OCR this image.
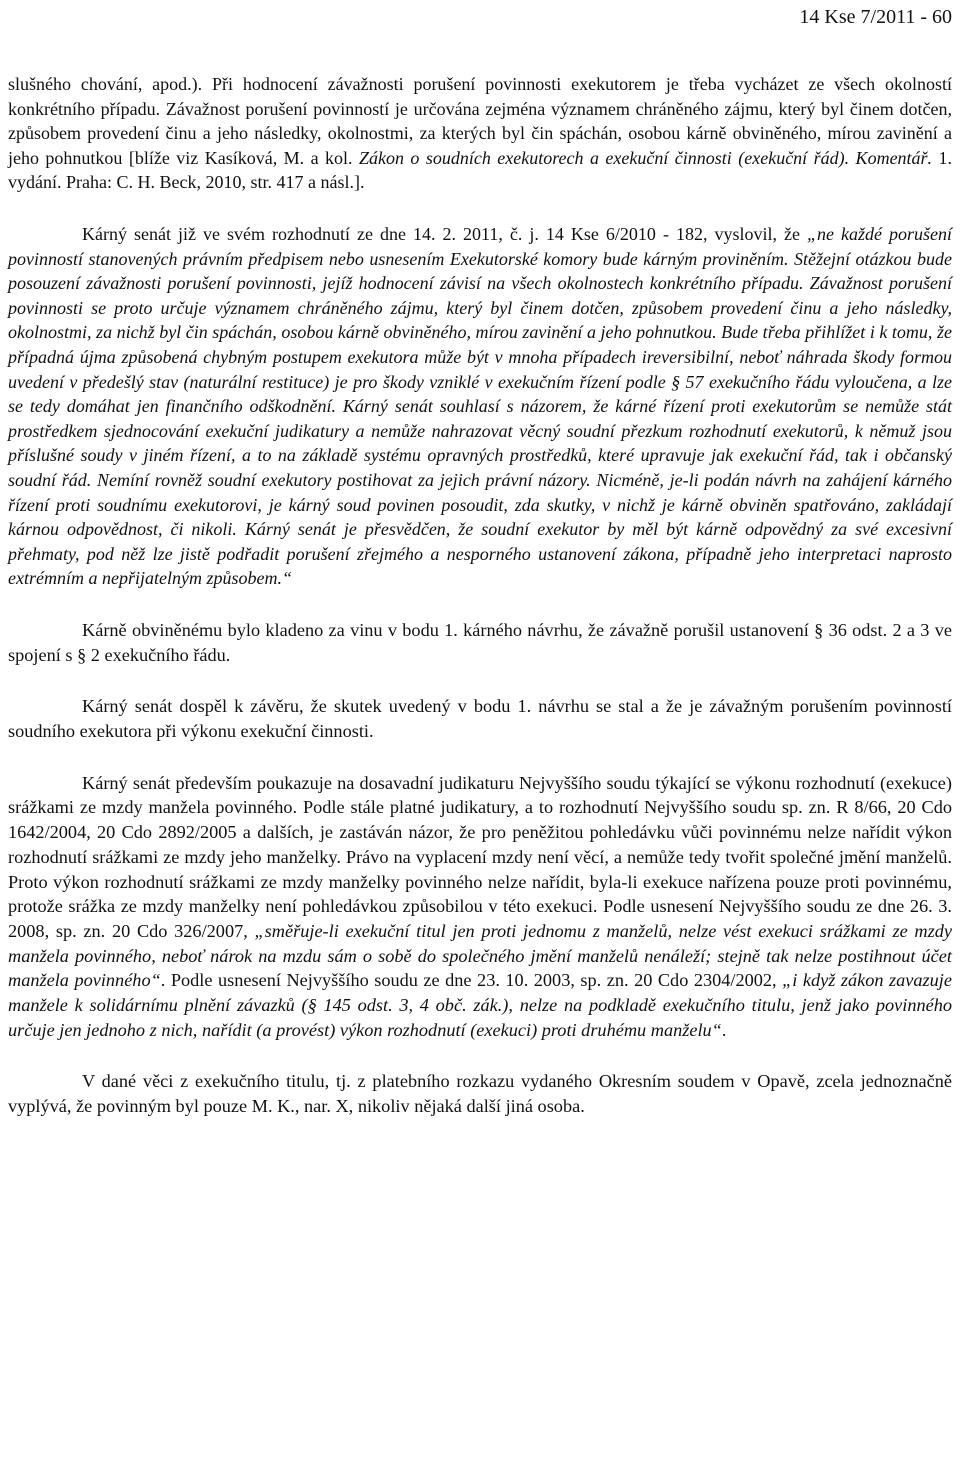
14 Kse 7/2011 - 60

slušného chování, apod.). Při hodnocení závažnosti porušení povinnosti exekutorem je třeba vycházet ze všech okolností konkrétního případu. Závažnost porušení povinností je určována zejména významem chráněného zájmu, který byl činem dotčen, způsobem provedení činu a jeho následky, okolnostmi, za kterých byl čin spáchán, osobou kárně obviněného, mírou zavinění a jeho pohnutkou [blíže viz Kasíková, M. a kol. Zákon o soudních exekutorech a exekuční činnosti (exekuční řád). Komentář. 1. vydání. Praha: C. H. Beck, 2010, str. 417 a násl.].

Kárný senát již ve svém rozhodnutí ze dne 14. 2. 2011, č. j. 14 Kse 6/2010 - 182, vyslovil, že „ne každé porušení povinností stanovených právním předpisem nebo usnesením Exekutorské komory bude kárným proviněním. Stěžejní otázkou bude posouzení závažnosti porušení povinnosti, jejíž hodnocení závisí na všech okolnostech konkrétního případu. Závažnost porušení povinnosti se proto určuje významem chráněného zájmu, který byl činem dotčen, způsobem provedení činu a jeho následky, okolnostmi, za nichž byl čin spáchán, osobou kárně obviněného, mírou zavinění a jeho pohnutkou. Bude třeba přihlížet i k tomu, že případná újma způsobená chybným postupem exekutora může být v mnoha případech ireversibilní, neboť náhrada škody formou uvedení v předešlý stav (naturální restituce) je pro škody vzniklé v exekučním řízení podle § 57 exekučního řádu vyloučena, a lze se tedy domáhat jen finančního odškodnění. Kárný senát souhlasí s názorem, že kárné řízení proti exekutorům se nemůže stát prostředkem sjednocování exekuční judikatury a nemůže nahrazovat věcný soudní přezkum rozhodnutí exekutorů, k němuž jsou příslušné soudy v jiném řízení, a to na základě systému opravných prostředků, které upravuje jak exekuční řád, tak i občanský soudní řád. Nemíní rovněž soudní exekutory postihovat za jejich právní názory. Nicméně, je-li podán návrh na zahájení kárného řízení proti soudnímu exekutorovi, je kárný soud povinen posoudit, zda skutky, v nichž je kárně obviněn spatřováno, zakládají kárnou odpovědnost, či nikoli. Kárný senát je přesvědčen, že soudní exekutor by měl být kárně odpovědný za své excesivní přehmaty, pod něž lze jistě podřadit porušení zřejmého a nesporného ustanovení zákona, případně jeho interpretaci naprosto extrémním a nepřijatelným způsobem.“

Kárně obviněnému bylo kladeno za vinu v bodu 1. kárného návrhu, že závažně porušil ustanovení § 36 odst. 2 a 3 ve spojení s § 2 exekučního řádu.

Kárný senát dospěl k závěru, že skutek uvedený v bodu 1. návrhu se stal a že je závažným porušením povinností soudního exekutora při výkonu exekuční činnosti.

Kárný senát především poukazuje na dosavadní judikaturu Nejvyššího soudu týkající se výkonu rozhodnutí (exekuce) srážkami ze mzdy manžela povinného. Podle stále platné judikatury, a to rozhodnutí Nejvyššího soudu sp. zn. R 8/66, 20 Cdo 1642/2004, 20 Cdo 2892/2005 a dalších, je zastáván názor, že pro peněžitou pohledávku vůči povinnému nelze nařídit výkon rozhodnutí srážkami ze mzdy jeho manželky. Právo na vyplacení mzdy není věcí, a nemůže tedy tvořit společné jmění manželů. Proto výkon rozhodnutí srážkami ze mzdy manželky povinného nelze nařídit, byla-li exekuce nařízena pouze proti povinnému, protože srážka ze mzdy manželky není pohledávkou způsobilou v této exekuci. Podle usnesení Nejvyššího soudu ze dne 26. 3. 2008, sp. zn. 20 Cdo 326/2007, „směřuje-li exekuční titul jen proti jednomu z manželů, nelze vést exekuci srážkami ze mzdy manžela povinného, neboť nárok na mzdu sám o sobě do společného jmění manželů nenáleží; stejně tak nelze postihnout účet manžela povinného“. Podle usnesení Nejvyššího soudu ze dne 23. 10. 2003, sp. zn. 20 Cdo 2304/2002, „i když zákon zavazuje manžele k solidárnímu plnění závazků (§ 145 odst. 3, 4 obč. zák.), nelze na podkladě exekučního titulu, jenž jako povinného určuje jen jednoho z nich, nařídit (a provést) výkon rozhodnutí (exekuci) proti druhému manželu“.

V dané věci z exekučního titulu, tj. z platebního rozkazu vydaného Okresním soudem v Opavě, zcela jednoznačně vyplývá, že povinným byl pouze M. K., nar. X, nikoliv nějaká další jiná osoba.
